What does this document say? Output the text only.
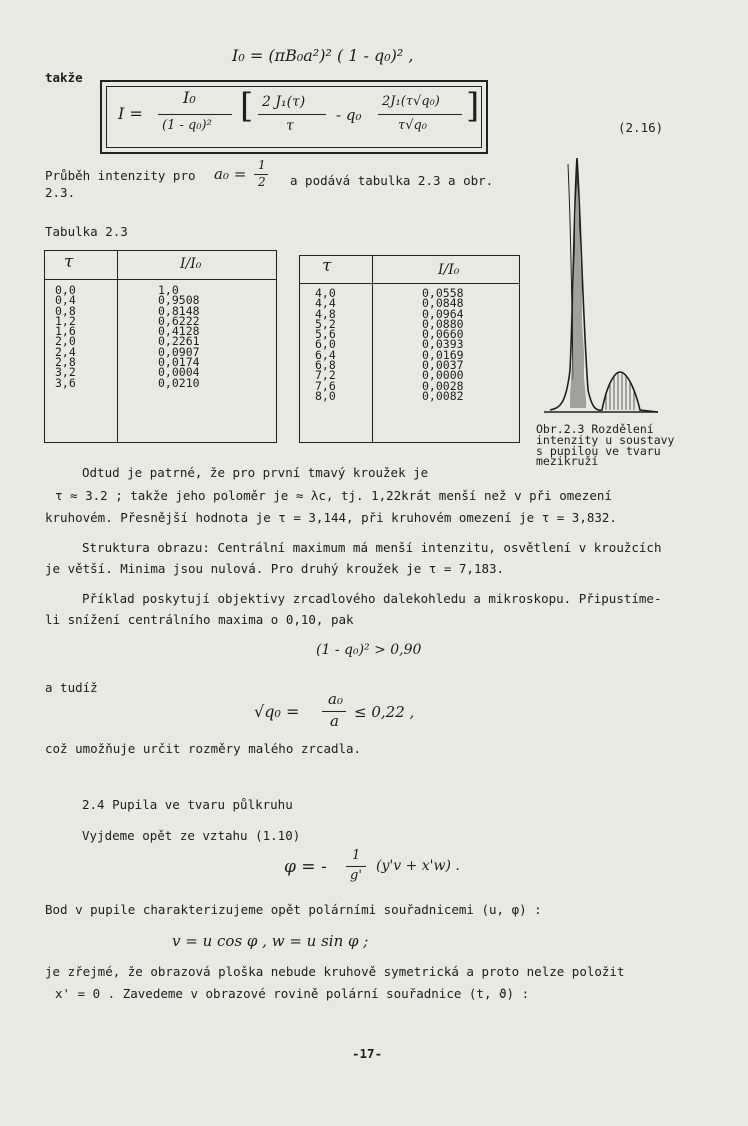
I₀ = (πB₀a²)² ( 1 - q₀)² ,
takže
I =
I₀
(1 - q₀)² [ 2 J₁(τ)
τ
- q₀
2J₁(τ√q₀)
τ√q₀ ]
(2.16)
Průběh intenzity pro a₀ = 1
2 a podává tabulka 2.3 a obr.
2.3.
Tabulka 2.3
τ	I/I₀
0,0
0,4
0,8
1,2
1,6
2,0
2,4
2,8
3,2
3,6
1,0
0,9508
0,8148
0,6222
0,4128
0,2261
0,0907
0,0174
0,0004
0,0210
τ	I/I₀
4,0
4,4
4,8
5,2
5,6
6,0
6,4
6,8
7,2
7,6
8,0
0,0558
0,0848
0,0964
0,0880
0,0660
0,0393
0,0169
0,0037
0,0000
0,0028
0,0082
Obr.2.3 Rozdělení
intenzity u soustavy
s pupilou ve tvaru
mezikruží
Odtud je patrné, že pro první tmavý kroužek je
τ ≈ 3.2 ; takže jeho poloměr je ≈ λc, tj. 1,22krát menší než v při omezení
kruhovém. Přesnější hodnota je τ = 3,144, při kruhovém omezení je τ = 3,832.
Struktura obrazu: Centrální maximum má menší intenzitu, osvětlení v kroužcích
je větší. Minima jsou nulová. Pro druhý kroužek je τ = 7,183.
Příklad poskytují objektivy zrcadlového dalekohledu a mikroskopu. Připustíme-
li snížení centrálního maxima o 0,10, pak
(1 - q₀)² > 0,90
a tudíž
√q₀ =
a₀
a ≤ 0,22 ,
což umožňuje určit rozměry malého zrcadla.
2.4 Pupila ve tvaru půlkruhu
Vyjdeme opět ze vztahu (1.10)
φ = -
1
g'
(y'v + x'w) .
Bod v pupile charakterizujeme opět polárními souřadnicemi (u, φ) :
v = u cos φ , w = u sin φ ;
je zřejmé, že obrazová ploška nebude kruhově symetrická a proto nelze položit
x' = 0 . Zavedeme v obrazové rovině polární souřadnice (t, ϑ) :
-17-
